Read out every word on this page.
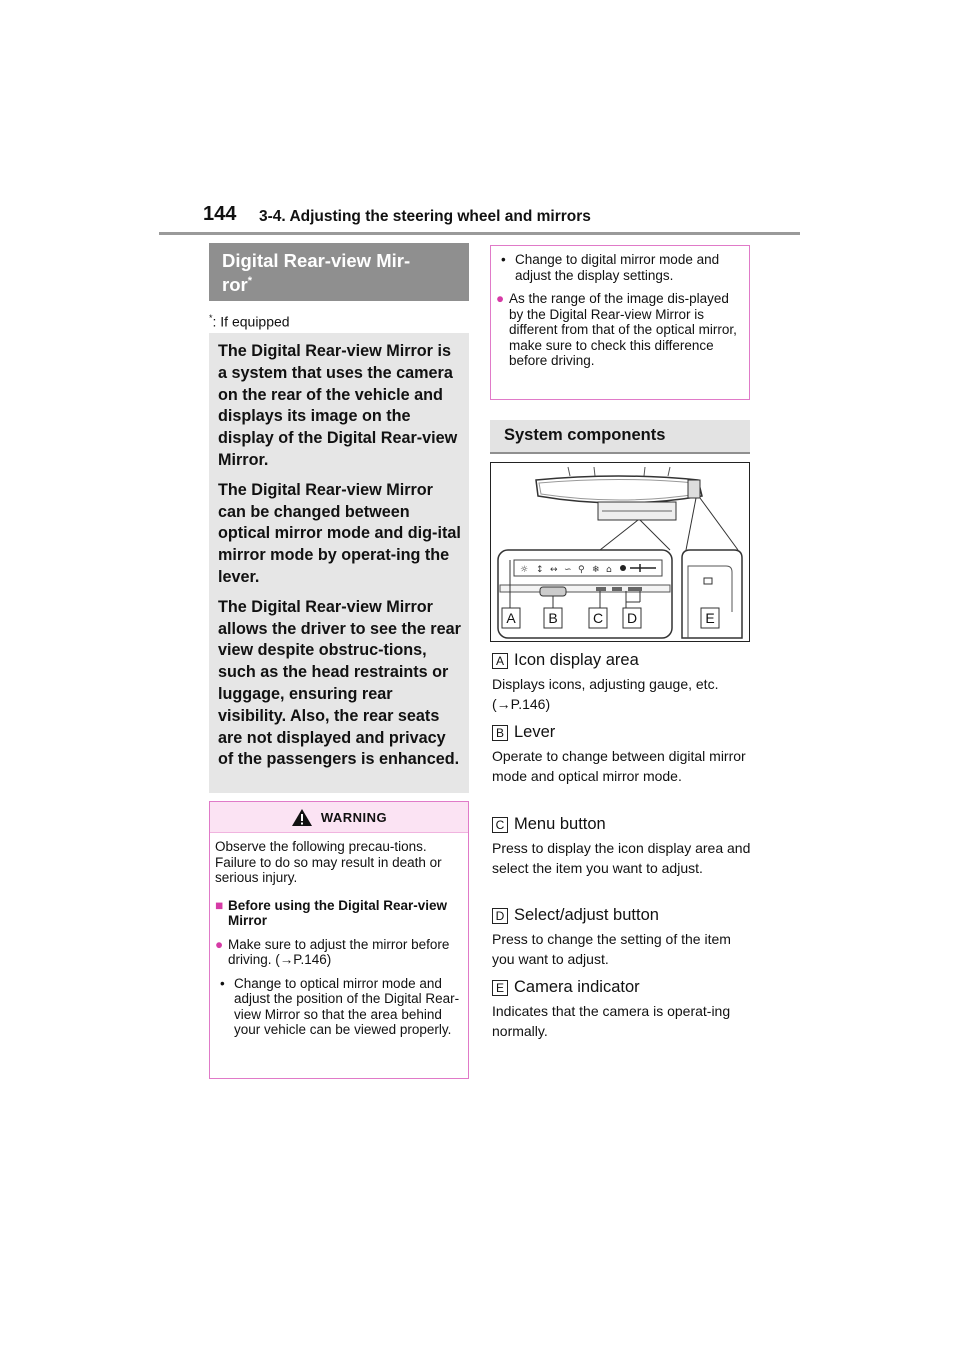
144 3-4. Adjusting the steering wheel and mirrors
Digital Rear-view Mir-
ror*
*: If equipped

The Digital Rear-view Mirror is a system that uses the camera on the rear of the vehicle and displays its image on the display of the Digital Rear-view Mirror.

The Digital Rear-view Mirror can be changed between optical mirror mode and dig-ital mirror mode by operat-ing the lever.

The Digital Rear-view Mirror allows the driver to see the rear view despite obstruc-tions, such as the head restraints or luggage, ensuring rear visibility. Also, the rear seats are not displayed and privacy of the passengers is enhanced.

WARNING

Observe the following precau-tions.

Failure to do so may result in death or serious injury.

■ Before using the Digital Rear-view Mirror
● Make sure to adjust the mirror before driving. (→P.146)
• Change to optical mirror mode and adjust the position of the Digital Rear-view Mirror so that the area behind your vehicle can be viewed properly.
• Change to digital mirror mode and adjust the display settings.
● As the range of the image dis-played by the Digital Rear-view Mirror is different from that of the optical mirror, make sure to check this difference before driving.
System components
☼ ↕ ↔ ∽ ⚲ ❄ ⌂
A B	C D	E
A Icon display area
Displays icons, adjusting gauge, etc. (→P.146)
B Lever
Operate to change between digital mirror mode and optical mirror mode.
C Menu button
Press to display the icon display area and select the item you want to adjust.
D Select/adjust button
Press to change the setting of the item you want to adjust.
E Camera indicator
Indicates that the camera is operat-ing normally.
